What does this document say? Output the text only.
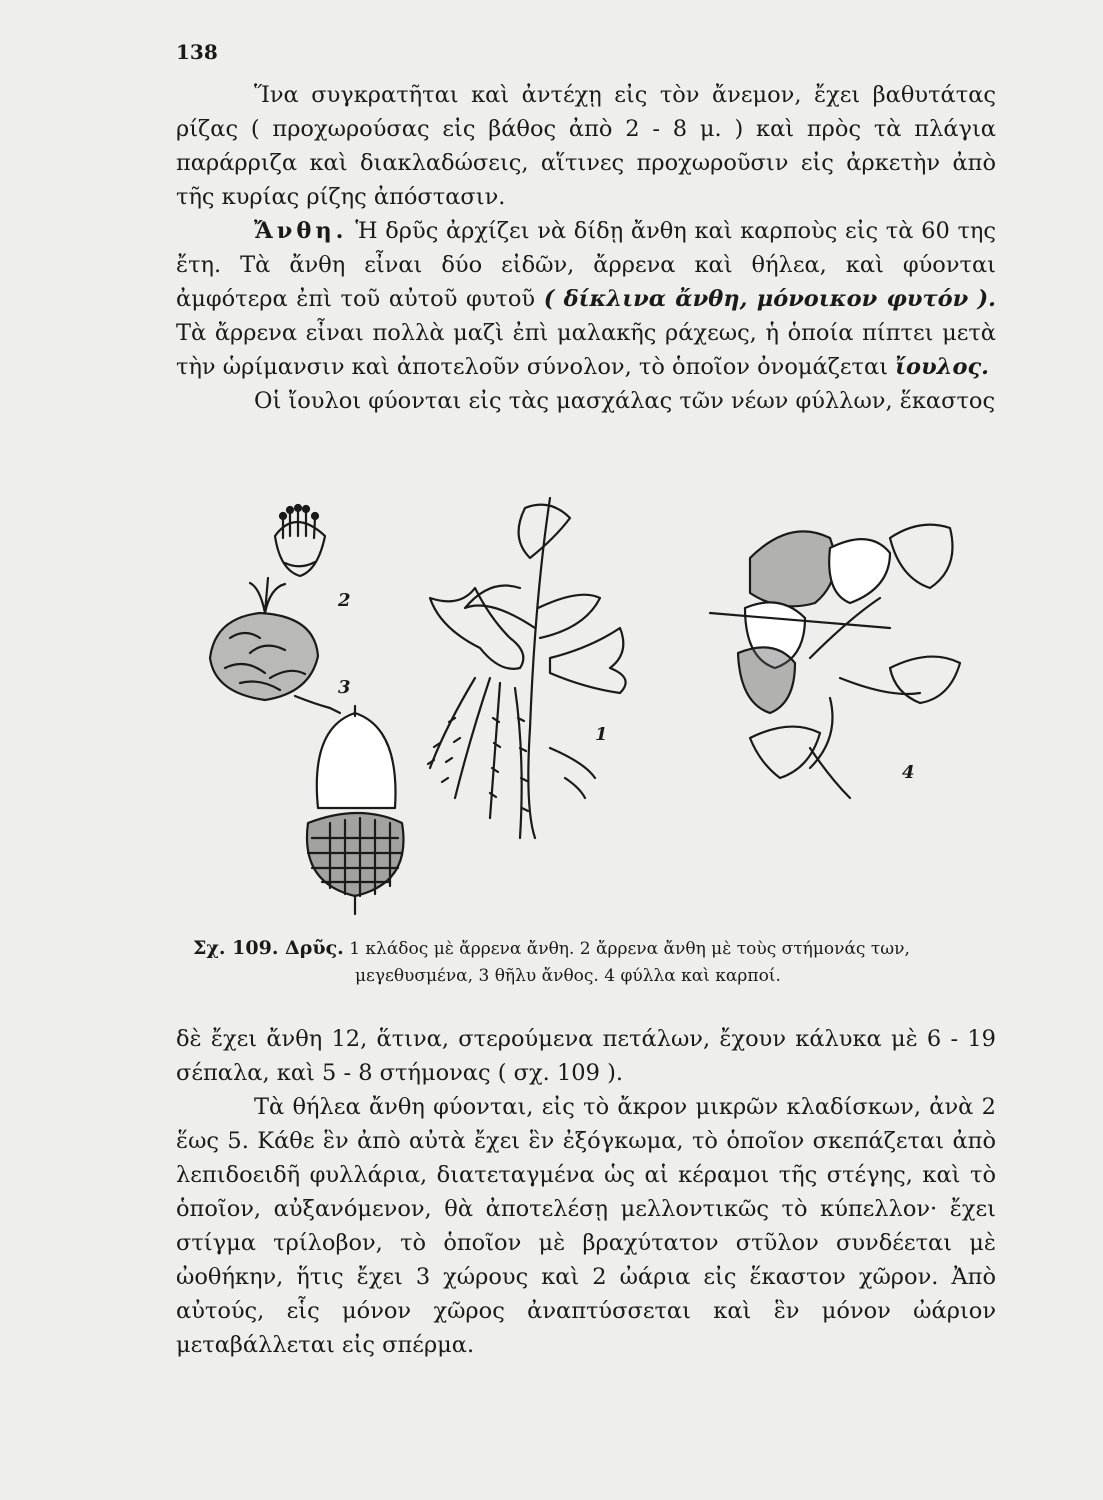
138

Ἵνα συγκρατῆται καὶ ἀντέχῃ εἰς τὸν ἄνεμον, ἔχει βαθυτάτας ρίζας ( προχωρούσας εἰς βάθος ἀπὸ 2 - 8 μ. ) καὶ πρὸς τὰ πλάγια παράρριζα καὶ διακλαδώσεις, αἵτινες προχωροῦσιν εἰς ἀρκετὴν ἀπὸ τῆς κυρίας ρίζης ἀπόστασιν.

Ἄνθη. Ἡ δρῦς ἀρχίζει νὰ δίδῃ ἄνθη καὶ καρποὺς εἰς τὰ 60 της ἔτη. Τὰ ἄνθη εἶναι δύο εἰδῶν, ἄρρενα καὶ θήλεα, καὶ φύονται ἀμφότερα ἐπὶ τοῦ αὐτοῦ φυτοῦ ( δίκλινα ἄνθη, μόνοικον φυτόν ). Τὰ ἄρρενα εἶναι πολλὰ μαζὶ ἐπὶ μαλακῆς ράχεως, ἡ ὁποία πίπτει μετὰ τὴν ὡρίμανσιν καὶ ἀποτελοῦν σύνολον, τὸ ὁποῖον ὀνομάζεται ἴουλος.

Οἱ ἴουλοι φύονται εἰς τὰς μασχάλας τῶν νέων φύλλων, ἕκαστος

2
3
1
4
Σχ. 109. Δρῦς. 1 κλάδος μὲ ἄρρενα ἄνθη. 2 ἄρρενα ἄνθη μὲ τοὺς στήμονάς των,
μεγεθυσμένα, 3 θῆλυ ἄνθος. 4 φύλλα καὶ καρποί.

δὲ ἔχει ἄνθη 12, ἅτινα, στερούμενα πετάλων, ἔχουν κάλυκα μὲ 6 - 19 σέπαλα, καὶ 5 - 8 στήμονας ( σχ. 109 ).

Τὰ θήλεα ἄνθη φύονται, εἰς τὸ ἄκρον μικρῶν κλαδίσκων, ἀνὰ 2 ἕως 5. Κάθε ἓν ἀπὸ αὐτὰ ἔχει ἓν ἐξόγκωμα, τὸ ὁποῖον σκεπάζεται ἀπὸ λεπιδοειδῆ φυλλάρια, διατεταγμένα ὡς αἱ κέραμοι τῆς στέγης, καὶ τὸ ὁποῖον, αὐξανόμενον, θὰ ἀποτελέσῃ μελλοντικῶς τὸ κύπελλον· ἔχει στίγμα τρίλοβον, τὸ ὁποῖον μὲ βραχύτατον στῦλον συνδέεται μὲ ὠοθήκην, ἥτις ἔχει 3 χώρους καὶ 2 ὠάρια εἰς ἕκαστον χῶρον. Ἀπὸ αὐτούς, εἷς μόνον χῶρος ἀναπτύσσεται καὶ ἓν μόνον ὠάριον μεταβάλλεται εἰς σπέρμα.
